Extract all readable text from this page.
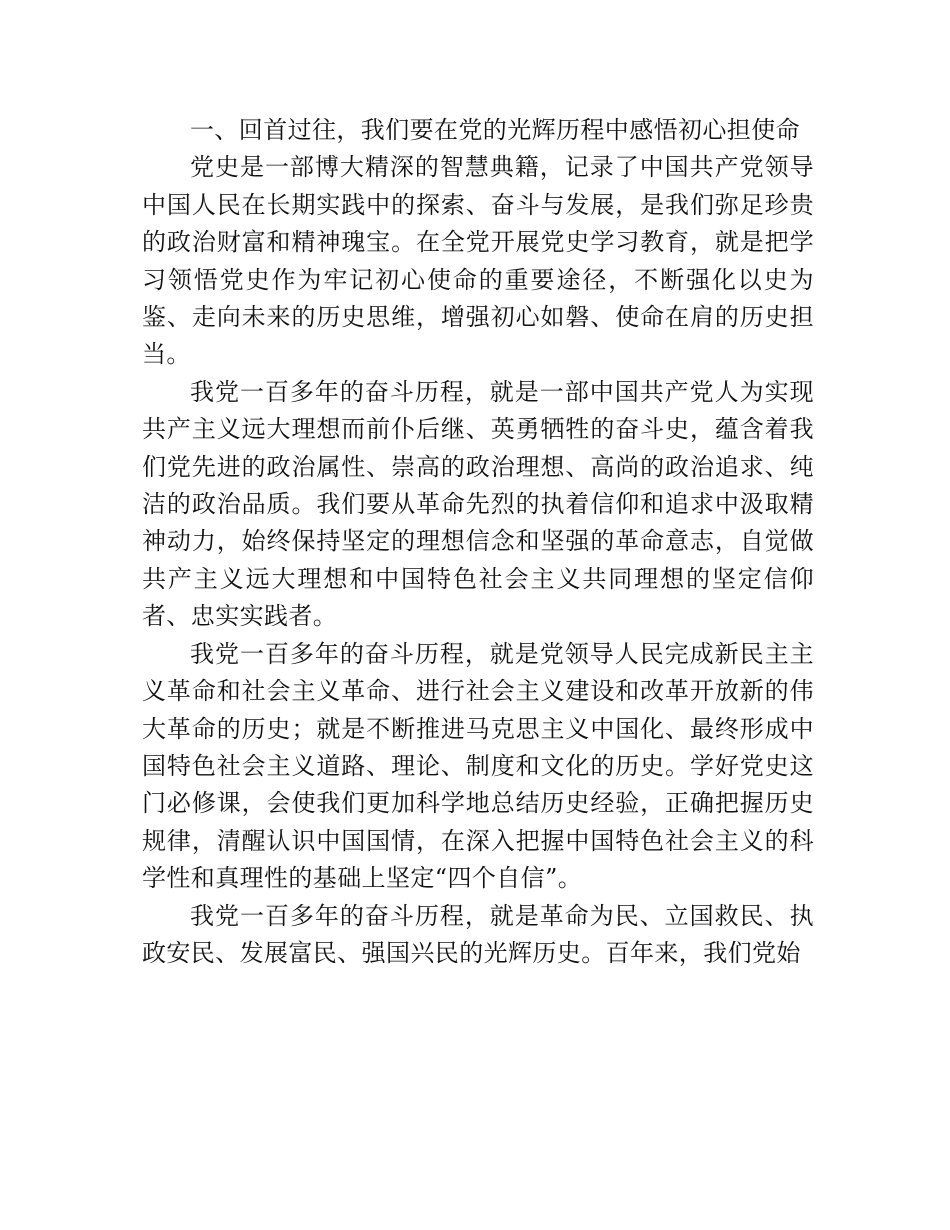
一、回首过往，我们要在党的光辉历程中感悟初心担使命

党史是一部博大精深的智慧典籍，记录了中国共产党领导中国人民在长期实践中的探索、奋斗与发展，是我们弥足珍贵的政治财富和精神瑰宝。在全党开展党史学习教育，就是把学习领悟党史作为牢记初心使命的重要途径，不断强化以史为鉴、走向未来的历史思维，增强初心如磐、使命在肩的历史担当。

我党一百多年的奋斗历程，就是一部中国共产党人为实现共产主义远大理想而前仆后继、英勇牺牲的奋斗史，蕴含着我们党先进的政治属性、崇高的政治理想、高尚的政治追求、纯洁的政治品质。我们要从革命先烈的执着信仰和追求中汲取精神动力，始终保持坚定的理想信念和坚强的革命意志，自觉做共产主义远大理想和中国特色社会主义共同理想的坚定信仰者、忠实实践者。

我党一百多年的奋斗历程，就是党领导人民完成新民主主义革命和社会主义革命、进行社会主义建设和改革开放新的伟大革命的历史；就是不断推进马克思主义中国化、最终形成中国特色社会主义道路、理论、制度和文化的历史。学好党史这门必修课，会使我们更加科学地总结历史经验，正确把握历史规律，清醒认识中国国情，在深入把握中国特色社会主义的科学性和真理性的基础上坚定“四个自信”。

我党一百多年的奋斗历程，就是革命为民、立国救民、执政安民、发展富民、强国兴民的光辉历史。百年来，我们党始
